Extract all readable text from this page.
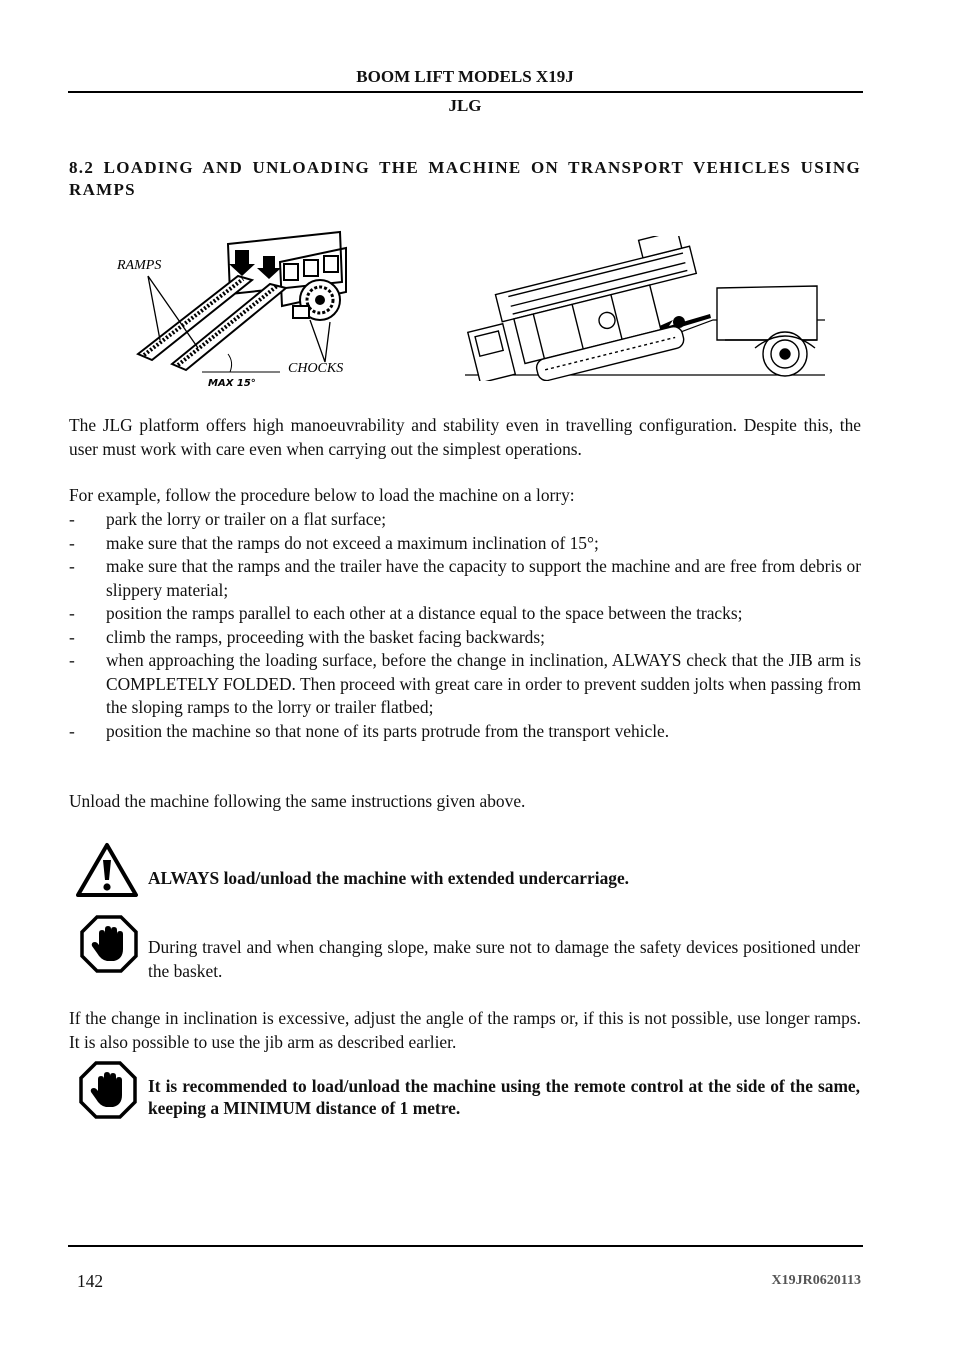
BOOM LIFT MODELS X19J
JLG
8.2 LOADING AND UNLOADING THE MACHINE ON TRANSPORT VEHICLES USING RAMPS
RAMPS
CHOCKS
MAX 15°
The JLG platform offers high manoeuvrability and stability even in travelling configuration. Despite this, the user must work with care even when carrying out the simplest operations.
For example, follow the procedure below to load the machine on a lorry:
- park the lorry or trailer on a flat surface;
- make sure that the ramps do not exceed a maximum inclination of 15°;
- make sure that the ramps and the trailer have the capacity to support the machine and are free from debris or slippery material;
- position the ramps parallel to each other at a distance equal to the space between the tracks;
- climb the ramps, proceeding with the basket facing backwards;
- when approaching the loading surface, before the change in inclination, ALWAYS check that the JIB arm is COMPLETELY FOLDED. Then proceed with great care in order to prevent sudden jolts when passing from the sloping ramps to the lorry or trailer flatbed;
- position the machine so that none of its parts protrude from the transport vehicle.
Unload the machine following the same instructions given above.
ALWAYS load/unload the machine with extended undercarriage.
During travel and when changing slope, make sure not to damage the safety devices positioned under the basket.
If the change in inclination is excessive, adjust the angle of the ramps or, if this is not possible, use longer ramps. It is also possible to use the jib arm as described earlier.
It is recommended to load/unload the machine using the remote control at the side of the same, keeping a MINIMUM distance of 1 metre.
142	X19JR0620113
